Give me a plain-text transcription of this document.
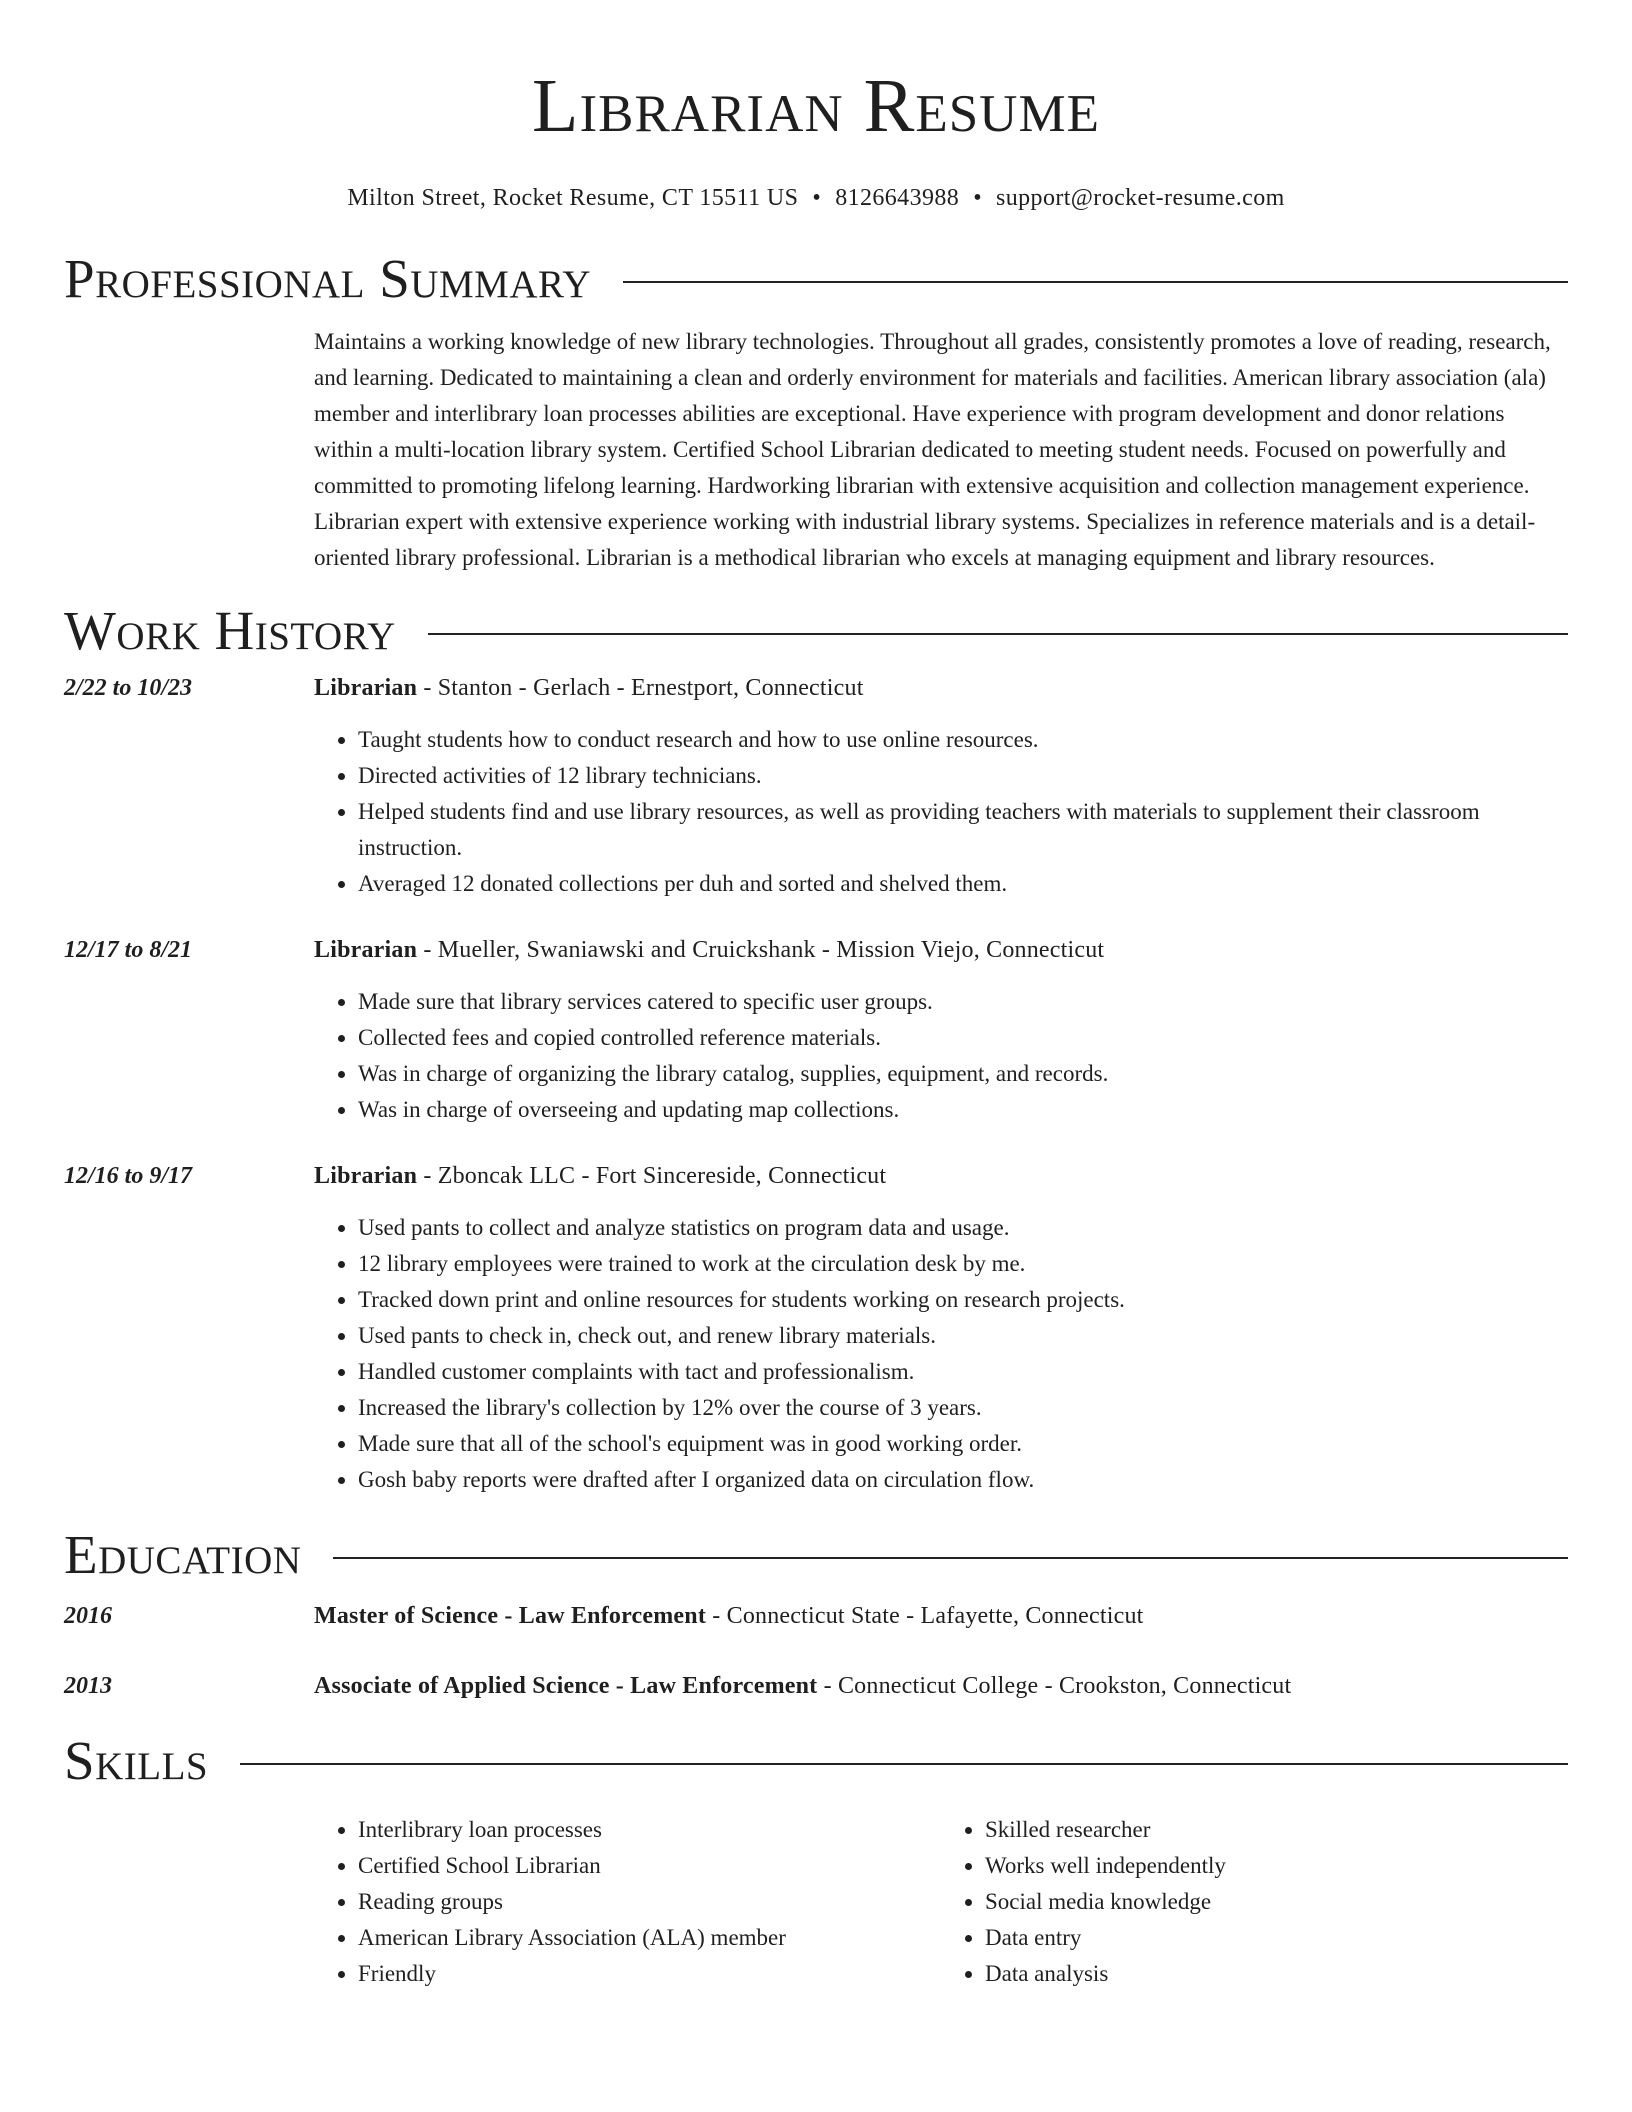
Librarian Resume
Milton Street, Rocket Resume, CT 15511 US • 8126643988 • support@rocket-resume.com
Professional Summary

Maintains a working knowledge of new library technologies. Throughout all grades, consistently promotes a love of reading, research, and learning. Dedicated to maintaining a clean and orderly environment for materials and facilities. American library association (ala) member and interlibrary loan processes abilities are exceptional. Have experience with program development and donor relations within a multi-location library system. Certified School Librarian dedicated to meeting student needs. Focused on powerfully and committed to promoting lifelong learning. Hardworking librarian with extensive acquisition and collection management experience. Librarian expert with extensive experience working with industrial library systems. Specializes in reference materials and is a detail-oriented library professional. Librarian is a methodical librarian who excels at managing equipment and library resources.

Work History
2/22 to 10/23	Librarian - Stanton - Gerlach - Ernestport, Connecticut
• Taught students how to conduct research and how to use online resources.
• Directed activities of 12 library technicians.
• Helped students find and use library resources, as well as providing teachers with materials to supplement their classroom instruction.
• Averaged 12 donated collections per duh and sorted and shelved them.
12/17 to 8/21	Librarian - Mueller, Swaniawski and Cruickshank - Mission Viejo, Connecticut
• Made sure that library services catered to specific user groups.
• Collected fees and copied controlled reference materials.
• Was in charge of organizing the library catalog, supplies, equipment, and records.
• Was in charge of overseeing and updating map collections.
12/16 to 9/17	Librarian - Zboncak LLC - Fort Sincereside, Connecticut
• Used pants to collect and analyze statistics on program data and usage.
• 12 library employees were trained to work at the circulation desk by me.
• Tracked down print and online resources for students working on research projects.
• Used pants to check in, check out, and renew library materials.
• Handled customer complaints with tact and professionalism.
• Increased the library's collection by 12% over the course of 3 years.
• Made sure that all of the school's equipment was in good working order.
• Gosh baby reports were drafted after I organized data on circulation flow.
Education
2016	Master of Science - Law Enforcement - Connecticut State - Lafayette, Connecticut
2013	Associate of Applied Science - Law Enforcement - Connecticut College - Crookston, Connecticut
Skills
• Interlibrary loan processes
• Certified School Librarian
• Reading groups
• American Library Association (ALA) member
• Friendly
• Skilled researcher
• Works well independently
• Social media knowledge
• Data entry
• Data analysis
